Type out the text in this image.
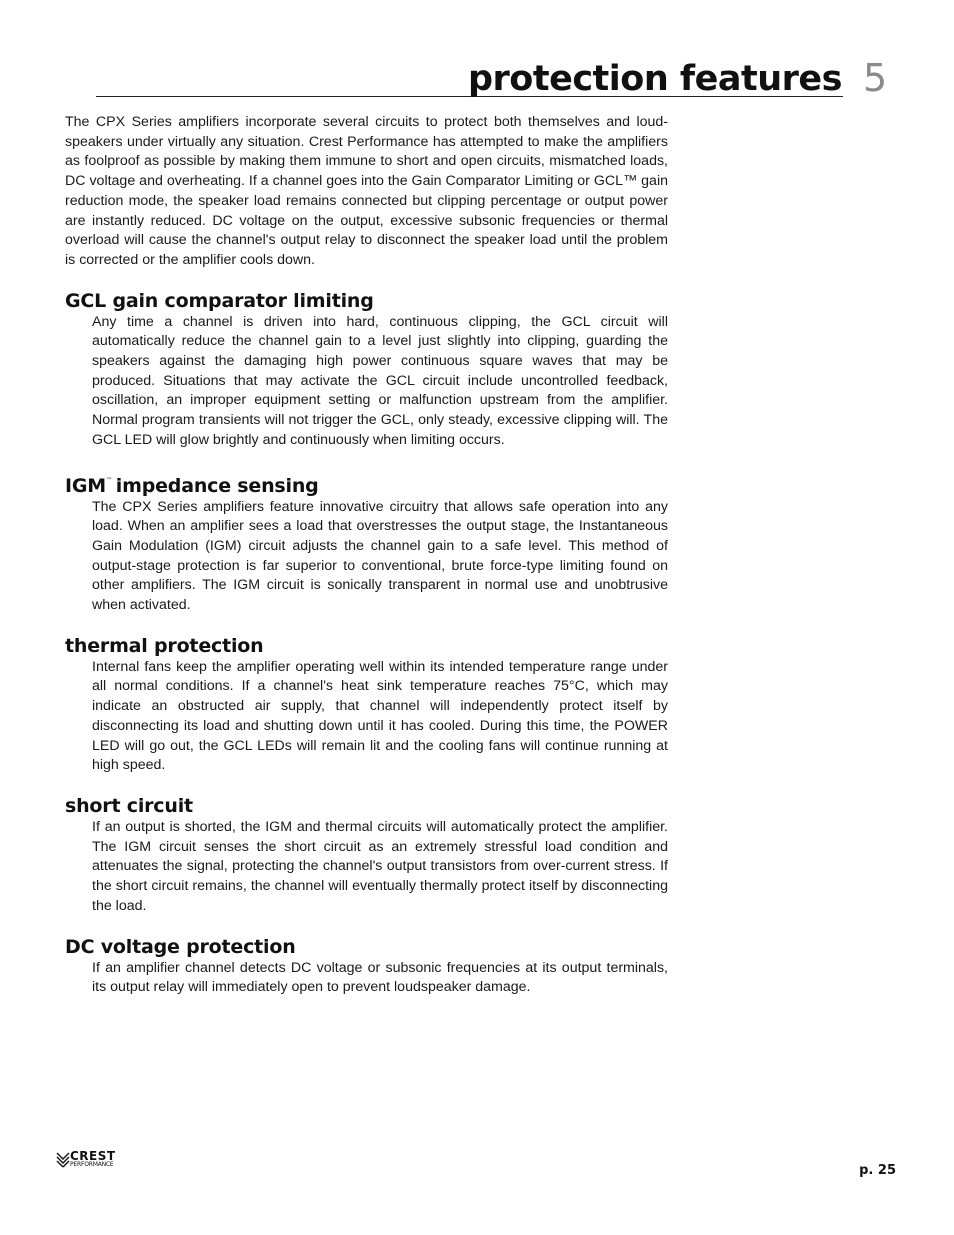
protection features 5

The CPX Series amplifiers incorporate several circuits to protect both themselves and loud-speakers under virtually any situation. Crest Performance has attempted to make the amplifiers as foolproof as possible by making them immune to short and open circuits, mismatched loads, DC voltage and overheating. If a channel goes into the Gain Comparator Limiting or GCL™ gain reduction mode, the speaker load remains connected but clipping percentage or output power are instantly reduced. DC voltage on the output, excessive subsonic frequencies or thermal overload will cause the channel's output relay to disconnect the speaker load until the problem is corrected or the amplifier cools down.

GCL gain comparator limiting

Any time a channel is driven into hard, continuous clipping, the GCL circuit will automatically reduce the channel gain to a level just slightly into clipping, guarding the speakers against the damaging high power continuous square waves that may be produced. Situations that may activate the GCL circuit include uncontrolled feedback, oscillation, an improper equipment setting or malfunction upstream from the amplifier. Normal program transients will not trigger the GCL, only steady, excessive clipping will. The GCL LED will glow brightly and continuously when limiting occurs.

IGM™ impedance sensing

The CPX Series amplifiers feature innovative circuitry that allows safe operation into any load. When an amplifier sees a load that overstresses the output stage, the Instantaneous Gain Modulation (IGM) circuit adjusts the channel gain to a safe level. This method of output-stage protection is far superior to conventional, brute force-type limiting found on other amplifiers. The IGM circuit is sonically transparent in normal use and unobtrusive when activated.

thermal protection

Internal fans keep the amplifier operating well within its intended temperature range under all normal conditions. If a channel's heat sink temperature reaches 75°C, which may indicate an obstructed air supply, that channel will independently protect itself by disconnecting its load and shutting down until it has cooled. During this time, the POWER LED will go out, the GCL LEDs will remain lit and the cooling fans will continue running at high speed.

short circuit

If an output is shorted, the IGM and thermal circuits will automatically protect the amplifier. The IGM circuit senses the short circuit as an extremely stressful load condition and attenuates the signal, protecting the channel's output transistors from over-current stress. If the short circuit remains, the channel will eventually thermally protect itself by disconnecting the load.

DC voltage protection

If an amplifier channel detects DC voltage or subsonic frequencies at its output terminals, its output relay will immediately open to prevent loudspeaker damage.

CREST
PERFORMANCE	p. 25
